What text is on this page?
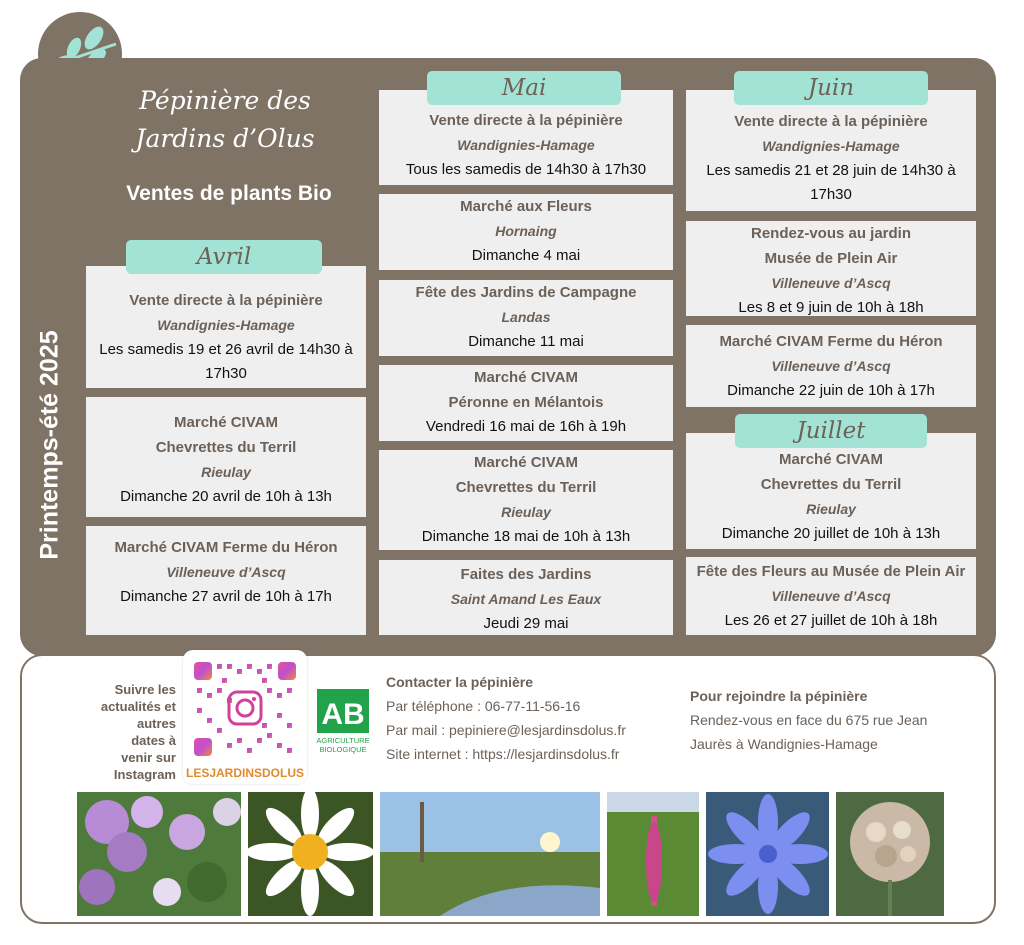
Pépinière des
Jardins d’Olus
Ventes de plants Bio
Printemps-été 2025
Avril
Vente directe à la pépinière
Wandignies-Hamage
Les samedis 19 et 26 avril de 14h30 à 17h30
Marché CIVAM
Chevrettes du Terril
Rieulay
Dimanche 20 avril de 10h à 13h
Marché CIVAM Ferme du Héron
Villeneuve d’Ascq
Dimanche 27 avril de 10h à 17h
Mai
Vente directe à la pépinière
Wandignies-Hamage
Tous les samedis de 14h30 à 17h30
Marché aux Fleurs
Hornaing
Dimanche 4 mai
Fête des Jardins de Campagne
Landas
Dimanche 11 mai
Marché CIVAM
Péronne en Mélantois
Vendredi 16 mai de 16h à 19h
Marché CIVAM
Chevrettes du Terril
Rieulay
Dimanche 18 mai de 10h à 13h
Faites des Jardins
Saint Amand Les Eaux
Jeudi 29 mai
Juin
Vente directe à la pépinière
Wandignies-Hamage
Les samedis 21 et 28 juin de 14h30 à 17h30
Rendez-vous au jardin
Musée de Plein Air
Villeneuve d’Ascq
Les 8 et 9 juin de 10h à 18h
Marché CIVAM Ferme du Héron
Villeneuve d’Ascq
Dimanche 22 juin de 10h à 17h
Juillet
Marché CIVAM
Chevrettes du Terril
Rieulay
Dimanche 20 juillet de 10h à 13h
Fête des Fleurs au Musée de Plein Air
Villeneuve d’Ascq
Les 26 et 27 juillet de 10h à 18h
Suivre les
actualités et
autres dates à
venir sur
Instagram LESJARDINSDOLUS
AB
AGRICULTURE
BIOLOGIQUE
Contacter la pépinière
Par téléphone : 06-77-11-56-16
Par mail : pepiniere@lesjardinsdolus.fr
Site internet : https://lesjardinsdolus.fr
Pour rejoindre la pépinière
Rendez-vous en face du 675 rue Jean
Jaurès à Wandignies-Hamage
